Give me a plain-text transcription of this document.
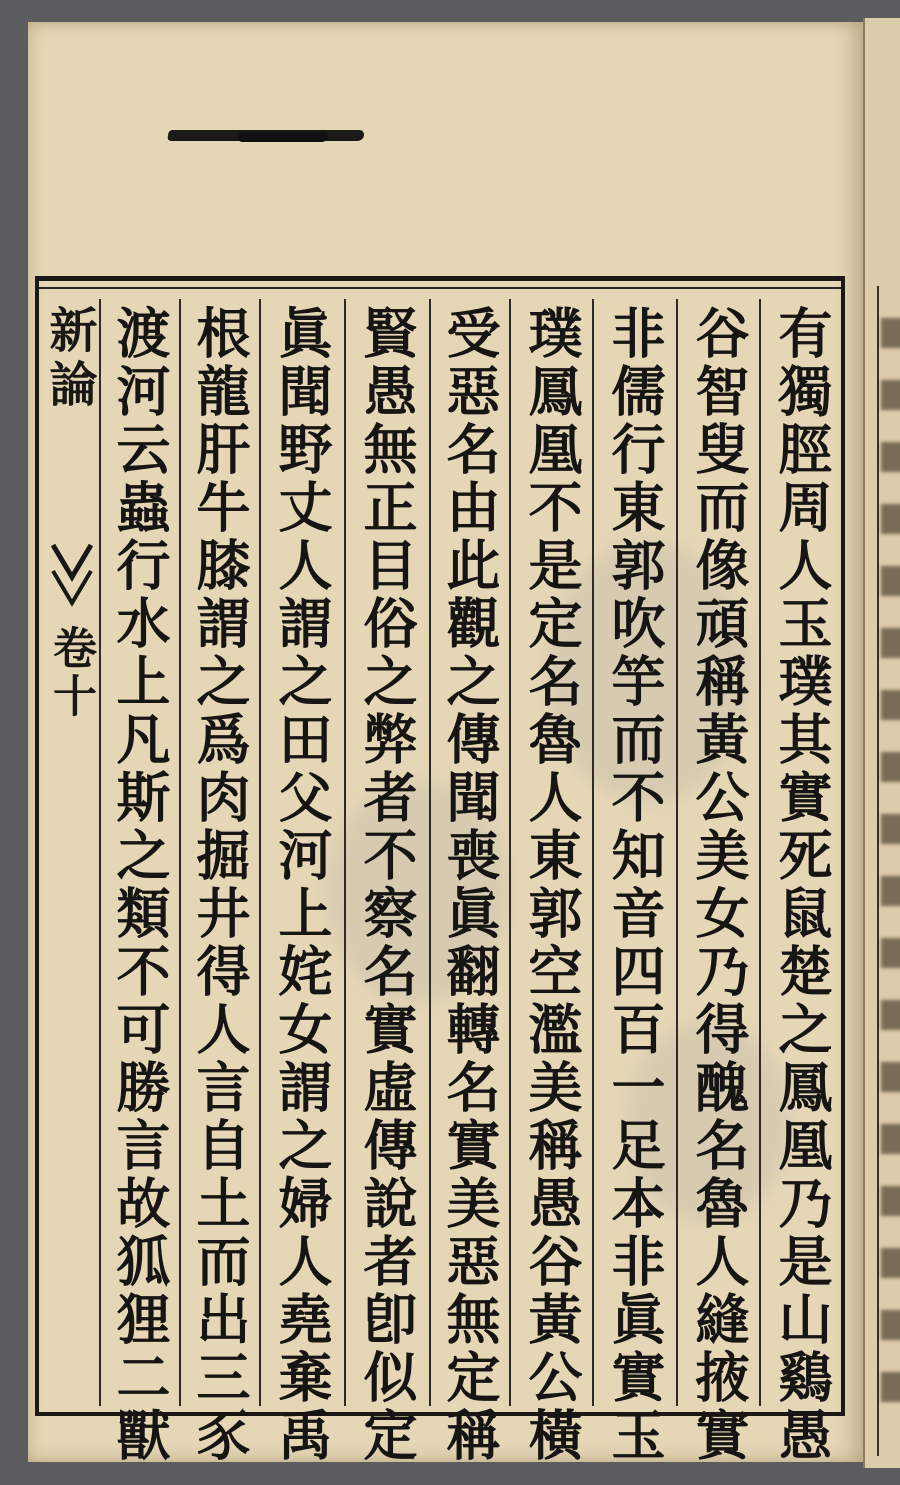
新論
卷十	有獨脛周人玉璞其實死鼠楚之鳳凰乃是山鷄愚
谷智叟而像頑稱黃公美女乃得醜名魯人縫掖實
非儒行東郭吹竽而不知音四百一足本非眞實玉
璞鳳凰不是定名魯人東郭空濫美稱愚谷黃公橫
受惡名由此觀之傳聞喪眞翻轉名實美惡無定稱
賢愚無正目俗之弊者不察名實虛傳說者卽似定
眞聞野丈人謂之田父河上姹女謂之婦人堯棄禹
根龍肝牛膝謂之爲肉掘井得人言自土而出三豕
渡河云蟲行水上凡斯之類不可勝言故狐狸二獸
